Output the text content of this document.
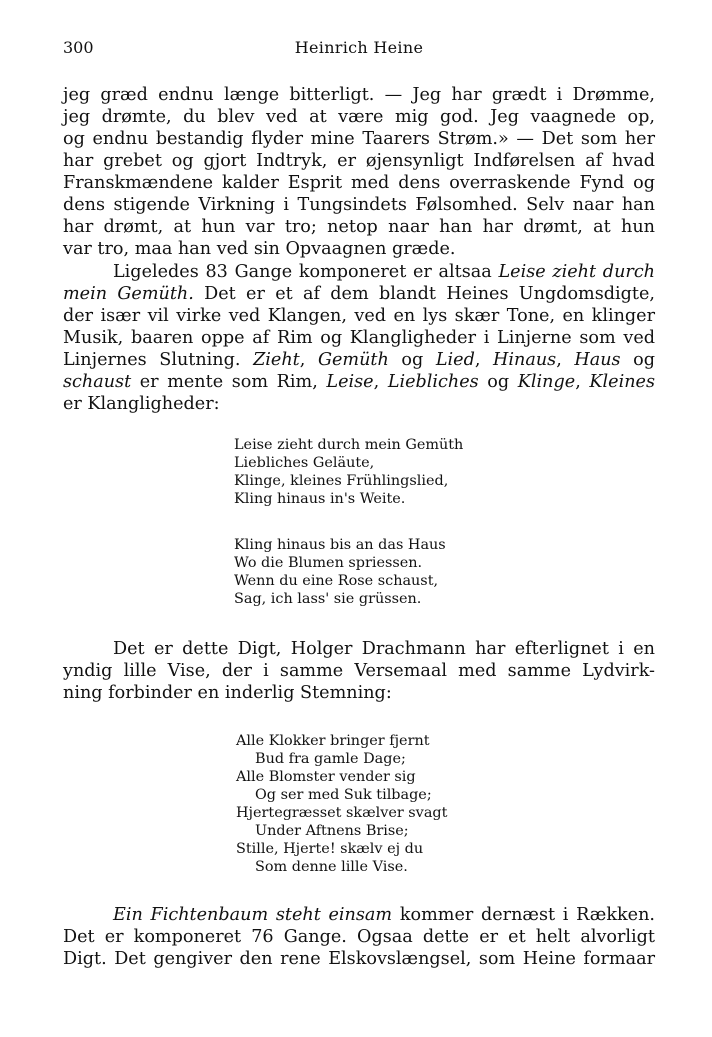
300	Heinrich Heine
jeg græd endnu længe bitterligt. — Jeg har grædt i Drømme,
jeg drømte, du blev ved at være mig god. Jeg vaagnede op,
og endnu bestandig flyder mine Taarers Strøm.» — Det som her
har grebet og gjort Indtryk, er øjensynligt Indførelsen af hvad
Franskmændene kalder Esprit med dens overraskende Fynd og
dens stigende Virkning i Tungsindets Følsomhed. Selv naar han
har drømt, at hun var tro; netop naar han har drømt, at hun
var tro, maa han ved sin Opvaagnen græde.
Ligeledes 83 Gange komponeret er altsaa Leise zieht durch
mein Gemüth. Det er et af dem blandt Heines Ungdomsdigte,
der især vil virke ved Klangen, ved en lys skær Tone, en klinger
Musik, baaren oppe af Rim og Klangligheder i Linjerne som ved
Linjernes Slutning. Zieht, Gemüth og Lied, Hinaus, Haus og
schaust er mente som Rim, Leise, Liebliches og Klinge, Kleines
er Klangligheder:
Leise zieht durch mein Gemüth
Liebliches Geläute,
Klinge, kleines Frühlingslied,
Kling hinaus in's Weite.
Kling hinaus bis an das Haus
Wo die Blumen spriessen.
Wenn du eine Rose schaust,
Sag, ich lass' sie grüssen.
Det er dette Digt, Holger Drachmann har efterlignet i en
yndig lille Vise, der i samme Versemaal med samme Lydvirk-
ning forbinder en inderlig Stemning:
Alle Klokker bringer fjernt
Bud fra gamle Dage;
Alle Blomster vender sig
Og ser med Suk tilbage;
Hjertegræsset skælver svagt
Under Aftnens Brise;
Stille, Hjerte! skælv ej du
Som denne lille Vise.
Ein Fichtenbaum steht einsam kommer dernæst i Rækken.
Det er komponeret 76 Gange. Ogsaa dette er et helt alvorligt
Digt. Det gengiver den rene Elskovslængsel, som Heine formaar
